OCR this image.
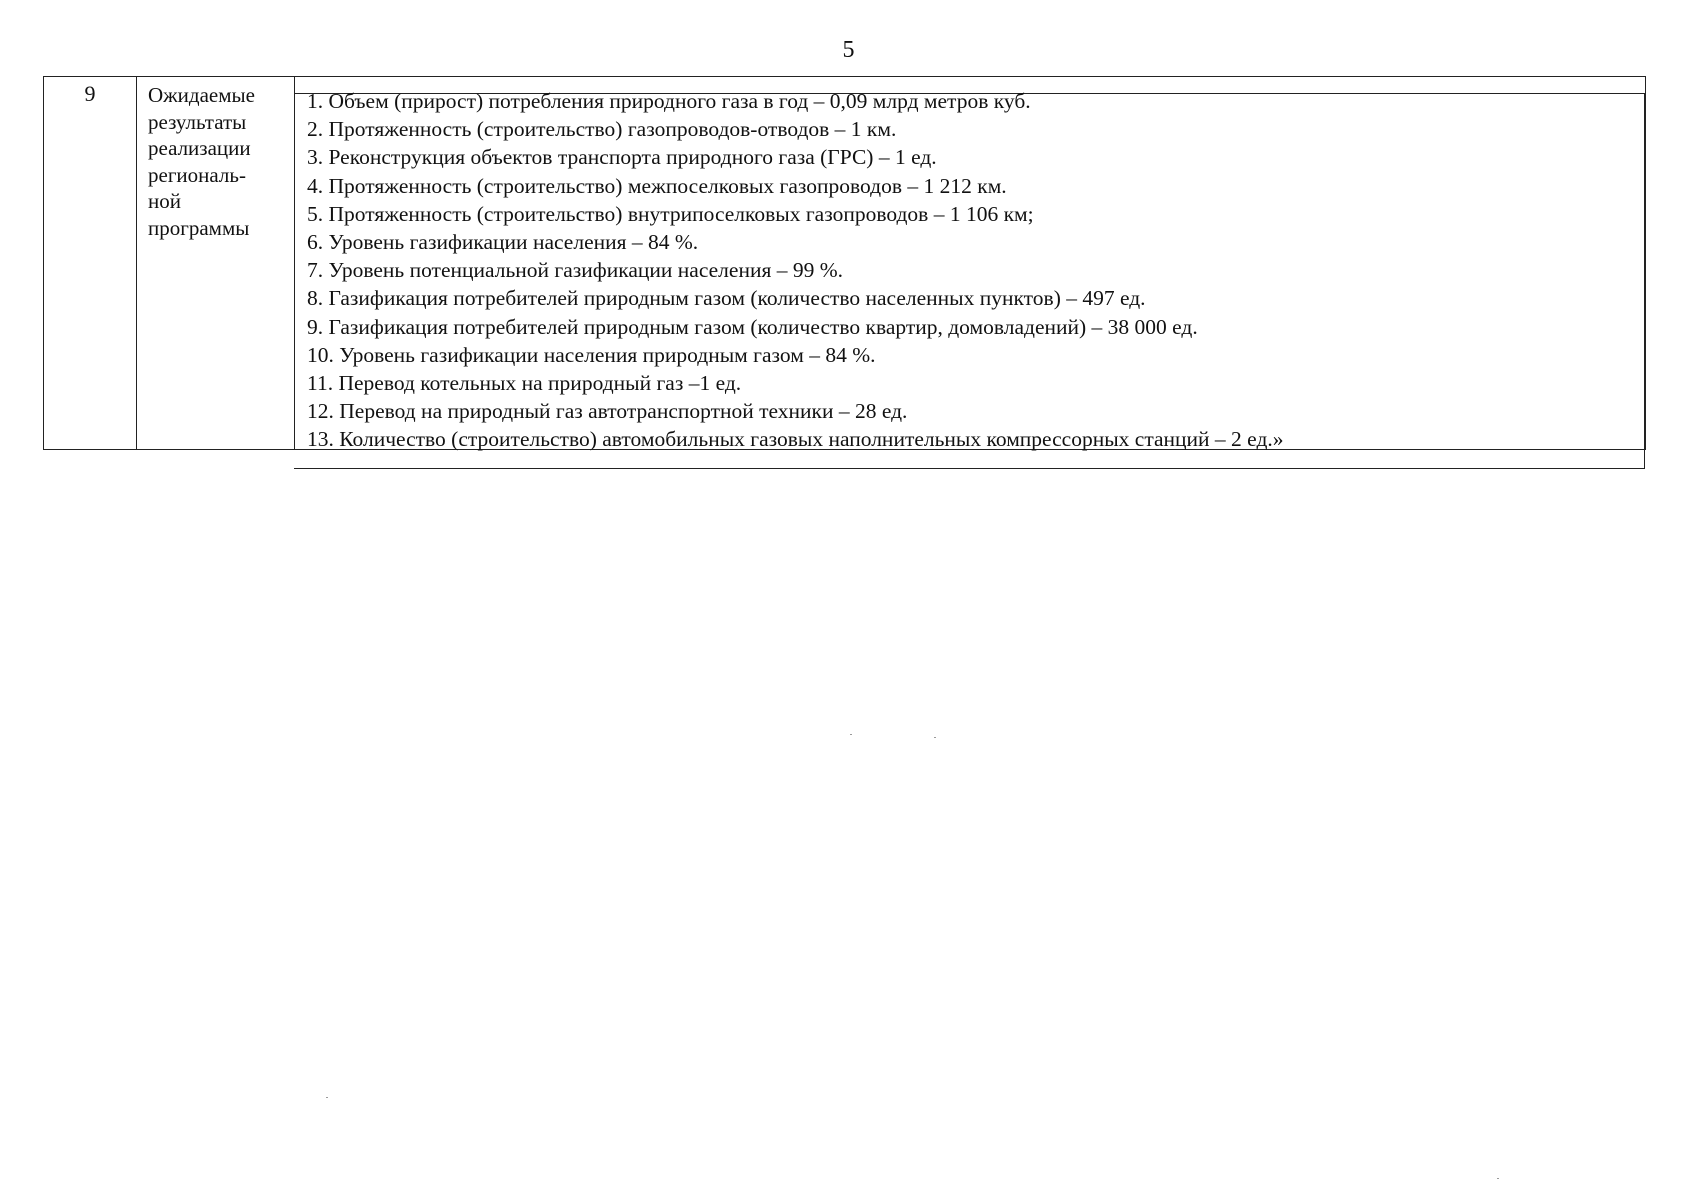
5
9	Ожидаемые
результаты
реализации
региональ-
ной
программы
1. Объем (прирост) потребления природного газа в год – 0,09 млрд метров куб.
2. Протяженность (строительство) газопроводов-отводов – 1 км.
3. Реконструкция объектов транспорта природного газа (ГРС) – 1 ед.
4. Протяженность (строительство) межпоселковых газопроводов – 1 212 км.
5. Протяженность (строительство) внутрипоселковых газопроводов – 1 106 км;
6. Уровень газификации населения – 84 %.
7. Уровень потенциальной газификации населения – 99 %.
8. Газификация потребителей природным газом (количество населенных пунктов) – 497 ед.
9. Газификация потребителей природным газом (количество квартир, домовладений) – 38 000 ед.
10. Уровень газификации населения природным газом – 84 %.
11. Перевод котельных на природный газ –1 ед.
12. Перевод на природный газ автотранспортной техники – 28 ед.
13. Количество (строительство) автомобильных газовых наполнительных компрессорных станций – 2 ед.»
